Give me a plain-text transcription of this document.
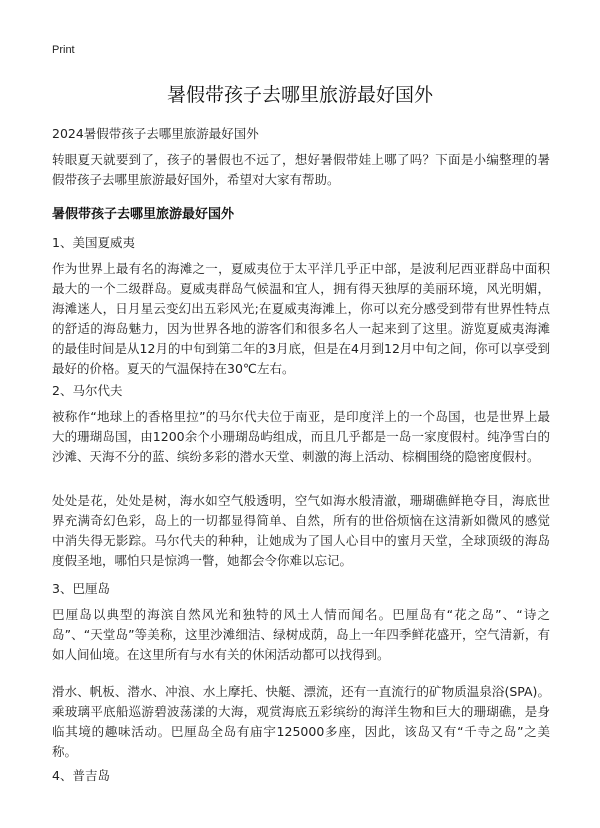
Print
暑假带孩子去哪里旅游最好国外
2024暑假带孩子去哪里旅游最好国外
转眼夏天就要到了，孩子的暑假也不远了，想好暑假带娃上哪了吗？下面是小编整理的暑假带孩子去哪里旅游最好国外，希望对大家有帮助。
暑假带孩子去哪里旅游最好国外
1、美国夏威夷
作为世界上最有名的海滩之一，夏威夷位于太平洋几乎正中部，是波利尼西亚群岛中面积最大的一个二级群岛。夏威夷群岛气候温和宜人，拥有得天独厚的美丽环境，风光明媚，海滩迷人，日月星云变幻出五彩风光;在夏威夷海滩上，你可以充分感受到带有世界性特点的舒适的海岛魅力，因为世界各地的游客们和很多名人一起来到了这里。游览夏威夷海滩的最佳时间是从12月的中旬到第二年的3月底，但是在4月到12月中旬之间，你可以享受到最好的价格。夏天的气温保持在30℃左右。
2、马尔代夫
被称作“地球上的香格里拉”的马尔代夫位于南亚，是印度洋上的一个岛国，也是世界上最大的珊瑚岛国，由1200余个小珊瑚岛屿组成，而且几乎都是一岛一家度假村。纯净雪白的沙滩、天海不分的蓝、缤纷多彩的潜水天堂、刺激的海上活动、棕榈围绕的隐密度假村。
处处是花，处处是树，海水如空气般透明，空气如海水般清澈，珊瑚礁鲜艳夺目，海底世界充满奇幻色彩，岛上的一切都显得简单、自然，所有的世俗烦恼在这清新如微风的感觉中消失得无影踪。马尔代夫的种种，让她成为了国人心目中的蜜月天堂，全球顶级的海岛度假圣地，哪怕只是惊鸿一瞥，她都会令你难以忘记。
3、巴厘岛
巴厘岛以典型的海滨自然风光和独特的风土人情而闻名。巴厘岛有“花之岛”、“诗之岛”、“天堂岛”等美称，这里沙滩细洁、绿树成荫，岛上一年四季鲜花盛开，空气清新，有如人间仙境。在这里所有与水有关的休闲活动都可以找得到。
滑水、帆板、潜水、冲浪、水上摩托、快艇、漂流，还有一直流行的矿物质温泉浴(SPA)。乘玻璃平底船巡游碧波荡漾的大海，观赏海底五彩缤纷的海洋生物和巨大的珊瑚礁，是身临其境的趣味活动。巴厘岛全岛有庙宇125000多座，因此，该岛又有“千寺之岛”之美称。
4、普吉岛
